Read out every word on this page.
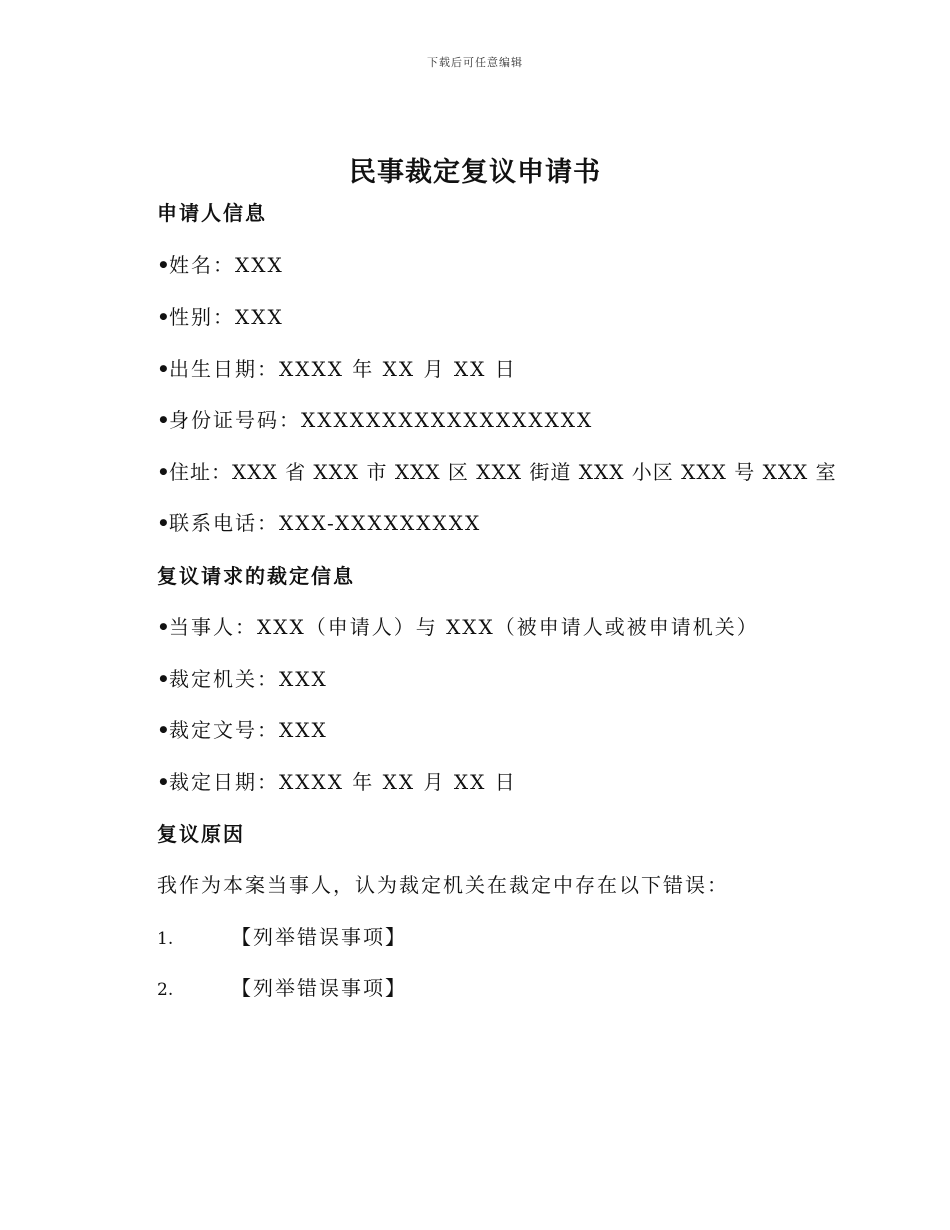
下载后可任意编辑
民事裁定复议申请书
申请人信息
•姓名：XXX
•性别：XXX
•出生日期：XXXX 年 XX 月 XX 日
•身份证号码：XXXXXXXXXXXXXXXXXX
•住址：XXX 省 XXX 市 XXX 区 XXX 街道 XXX 小区 XXX 号 XXX 室
•联系电话：XXX-XXXXXXXXX
复议请求的裁定信息
•当事人：XXX（申请人）与 XXX（被申请人或被申请机关）
•裁定机关：XXX
•裁定文号：XXX
•裁定日期：XXXX 年 XX 月 XX 日
复议原因
我作为本案当事人，认为裁定机关在裁定中存在以下错误：
1.	【列举错误事项】
2.	【列举错误事项】
